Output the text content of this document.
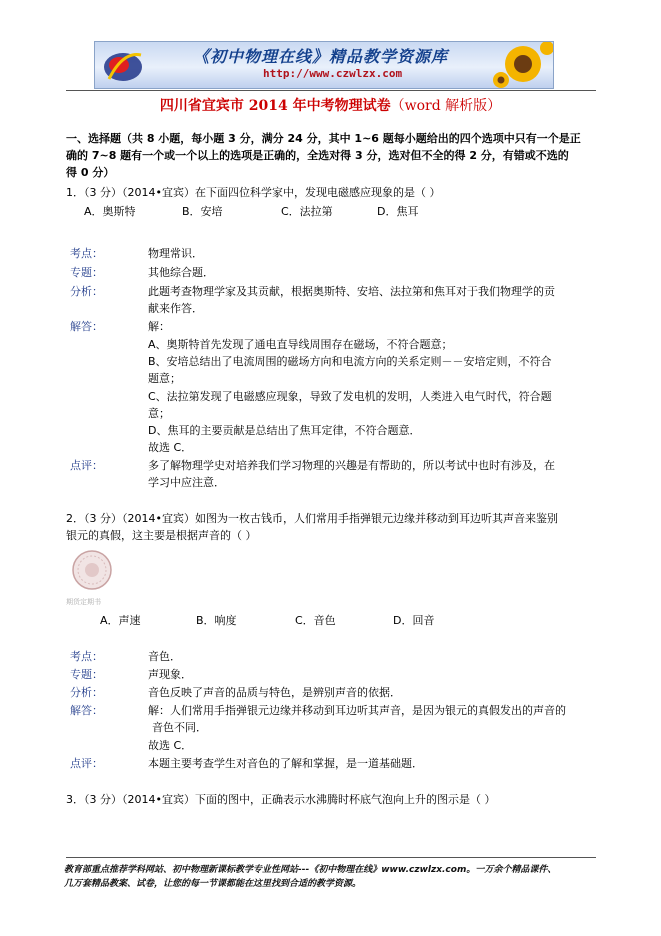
《初中物理在线》精品教学资源库
http://www.czwlzx.com
四川省宜宾市 2014 年中考物理试卷（word 解析版）
一、选择题（共 8 小题，每小题 3 分，满分 24 分，其中 1~6 题每小题给出的四个选项中只有一个是正
确的 7~8 题有一个或一个以上的选项是正确的，全选对得 3 分，选对但不全的得 2 分，有错或不选的
得 0 分）
1．（3 分）（2014•宜宾）在下面四位科学家中，发现电磁感应现象的是（ ）
A．奥斯特	B．安培	C．法拉第	D．焦耳
考点：	物理常识．
专题：	其他综合题．
分析：	此题考查物理学家及其贡献，根据奥斯特、安培、法拉第和焦耳对于我们物理学的贡
献来作答．
解答：	解：
A、奥斯特首先发现了通电直导线周围存在磁场，不符合题意；
B、安培总结出了电流周围的磁场方向和电流方向的关系定则－－安培定则，不符合
题意；
C、法拉第发现了电磁感应现象，导致了发电机的发明，人类进入电气时代，符合题
意；
D、焦耳的主要贡献是总结出了焦耳定律，不符合题意．
故选 C．
点评：	多了解物理学史对培养我们学习物理的兴趣是有帮助的，所以考试中也时有涉及，在
学习中应注意．
2．（3 分）（2014•宜宾）如图为一枚古钱币，人们常用手指弹银元边缘并移动到耳边听其声音来鉴别
银元的真假，这主要是根据声音的（ ）
期货定期书
A．声速	B．响度	C．音色	D．回音
考点：	音色．
专题：	声现象．
分析：	音色反映了声音的品质与特色，是辨别声音的依据．
解答：	解：人们常用手指弹银元边缘并移动到耳边听其声音，是因为银元的真假发出的声音的
音色不同．
故选 C．
点评：	本题主要考查学生对音色的了解和掌握，是一道基础题．
3．（3 分）（2014•宜宾）下面的图中，正确表示水沸腾时杯底气泡向上升的图示是（ ）
教育部重点推荐学科网站、初中物理新课标教学专业性网站---《初中物理在线》www.czwlzx.com。一万余个精品课件、
几万套精品教案、试卷，让您的每一节课都能在这里找到合适的教学资源。
